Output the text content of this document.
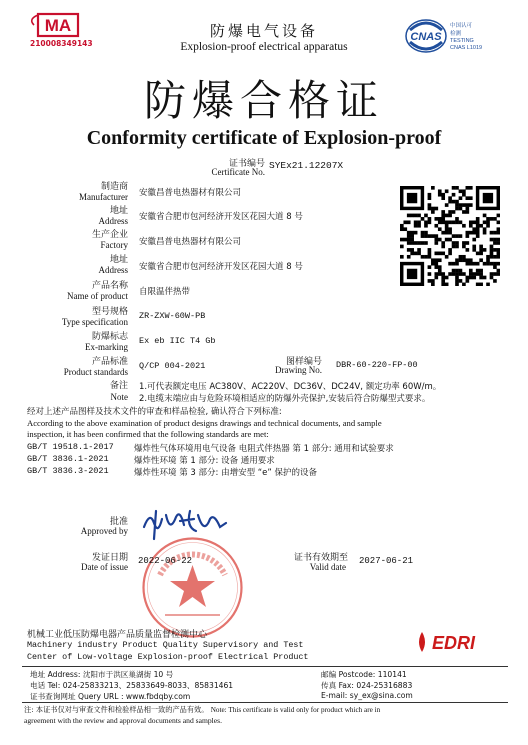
MA
210008349143
防爆电气设备
Explosion-proof electrical apparatus
CNAS
中国认可
检测
TESTING
CNAS L1019
防爆合格证
Conformity certificate of Explosion-proof
证书编号
Certificate No.
SYEx21.12207X
制造商
Manufacturer 安徽昌普电热器材有限公司
地址
Address 安徽省合肥市包河经济开发区花园大道 8 号
生产企业
Factory 安徽昌普电热器材有限公司
地址
Address 安徽省合肥市包河经济开发区花园大道 8 号
产品名称
Name of product 自限温伴热带
型号规格
Type specification
ZR-ZXW-60W-PB
防爆标志
Ex-marking
Ex eb IIC T4 Gb
产品标准
Product standards
Q/CP 004-2021	图样编号
Drawing No. DBR-60-220-FP-00
备注
Note
1.可代表额定电压 AC380V、AC220V、DC36V、DC24V, 额定功率 60W/m。
2.电缆末端应由与危险环境相适应的防爆外壳保护,安装后符合防爆型式要求。
经对上述产品图样及技术文件的审查和样品检验, 确认符合下列标准:
According to the above examination of product designs drawings and technical documents, and sample
inspection, it has been confirmed that the following standards are met:
GB/T 19518.1-2017 爆炸性气体环境用电气设备 电阻式伴热器 第 1 部分: 通用和试验要求
GB/T 3836.1-2021	爆炸性环境 第 1 部分: 设备 通用要求
GB/T 3836.3-2021	爆炸性环境 第 3 部分: 由增安型 “e” 保护的设备
批准
Approved by
发证日期
Date of issue
2022-06-22	证书有效期至
Valid date
2027-06-21
机械工业低压防爆电器产品质量监督检测中心
Machinery industry Product Quality Supervisory and Test
Center of Low-voltage Explosion-proof Electrical Product
EDRI
地址 Address: 沈阳市于洪区巢湖街 10 号	邮编 Postcode: 110141
电话 Tel: 024-25833213、25833649-8033、85831461	传真 Fax: 024-25316883
证书查询网址 Query URL : www.fbdqby.com	E-mail: sy_ex@sina.com
注: 本证书仅对与审查文件和检验样品相一致的产品有效。 Note: This certificate is valid only for product which are in
agreement with the review and approval documents and samples.
